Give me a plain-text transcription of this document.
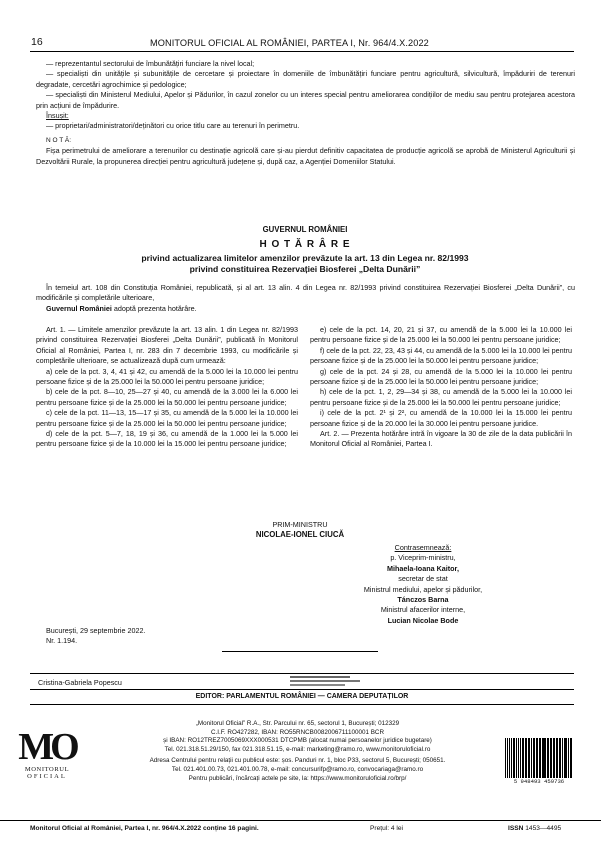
16	MONITORUL OFICIAL AL ROMÂNIEI, PARTEA I, Nr. 964/4.X.2022
— reprezentantul sectorului de îmbunătățiri funciare la nivel local;
— specialiști din unitățile și subunitățile de cercetare și proiectare în domeniile de îmbunătățiri funciare pentru agricultură, silvicultură, împăduriri de terenuri degradate, cercetări agrochimice și pedologice;
— specialiști din Ministerul Mediului, Apelor și Pădurilor, în cazul zonelor cu un interes special pentru ameliorarea condițiilor de mediu sau pentru protejarea acestora prin acțiuni de împădurire.
Însușit:
— proprietari/administratori/deținători cu orice titlu care au terenuri în perimetru.
N O T Ă:
Fișa perimetrului de ameliorare a terenurilor cu destinație agricolă care și-au pierdut definitiv capacitatea de producție agricolă se aprobă de Ministerul Agriculturii și Dezvoltării Rurale, la propunerea direcției pentru agricultură județene și, după caz, a Agenției Domeniilor Statului.
GUVERNUL ROMÂNIEI
H O T Ă R Â R E
privind actualizarea limitelor amenzilor prevăzute la art. 13 din Legea nr. 82/1993
privind constituirea Rezervației Biosferei „Delta Dunării”
În temeiul art. 108 din Constituția României, republicată, și al art. 13 alin. 4 din Legea nr. 82/1993 privind constituirea Rezervației Biosferei „Delta Dunării”, cu modificările și completările ulterioare,
Guvernul României adoptă prezenta hotărâre.
Art. 1. — Limitele amenzilor prevăzute la art. 13 alin. 1 din Legea nr. 82/1993 privind constituirea Rezervației Biosferei „Delta Dunării”, publicată în Monitorul Oficial al României, Partea I, nr. 283 din 7 decembrie 1993, cu modificările și completările ulterioare, se actualizează după cum urmează:
a) cele de la pct. 3, 4, 41 și 42, cu amendă de la 5.000 lei la 10.000 lei pentru persoane fizice și de la 25.000 lei la 50.000 lei pentru persoane juridice;
b) cele de la pct. 8—10, 25—27 și 40, cu amendă de la 3.000 lei la 6.000 lei pentru persoane fizice și de la 25.000 lei la 50.000 lei pentru persoane juridice;
c) cele de la pct. 11—13, 15—17 și 35, cu amendă de la 5.000 lei la 10.000 lei pentru persoane fizice și de la 25.000 lei la 50.000 lei pentru persoane juridice;
d) cele de la pct. 5—7, 18, 19 și 36, cu amendă de la 1.000 lei la 5.000 lei pentru persoane fizice și de la 10.000 lei la 15.000 lei pentru persoane juridice;
e) cele de la pct. 14, 20, 21 și 37, cu amendă de la 5.000 lei la 10.000 lei pentru persoane fizice și de la 25.000 lei la 50.000 lei pentru persoane juridice;
f) cele de la pct. 22, 23, 43 și 44, cu amendă de la 5.000 lei la 10.000 lei pentru persoane fizice și de la 25.000 lei la 50.000 lei pentru persoane juridice;
g) cele de la pct. 24 și 28, cu amendă de la 5.000 lei la 10.000 lei pentru persoane fizice și de la 25.000 lei la 50.000 lei pentru persoane juridice;
h) cele de la pct. 1, 2, 29—34 și 38, cu amendă de la 5.000 lei la 10.000 lei pentru persoane fizice și de la 25.000 lei la 50.000 lei pentru persoane juridice;
i) cele de la pct. 2¹ și 2², cu amendă de la 10.000 lei la 15.000 lei pentru persoane fizice și de la 20.000 lei la 30.000 lei pentru persoane juridice.
Art. 2. — Prezenta hotărâre intră în vigoare la 30 de zile de la data publicării în Monitorul Oficial al României, Partea I.
PRIM-MINISTRU
NICOLAE-IONEL CIUCĂ
Contrasemnează:
p. Viceprim-ministru,
Mihaela-Ioana Kaitor,
secretar de stat
Ministrul mediului, apelor și pădurilor,
Tánczos Barna
Ministrul afacerilor interne,
Lucian Nicolae Bode
București, 29 septembrie 2022.
Nr. 1.194.
Cristina-Gabriela Popescu
EDITOR: PARLAMENTUL ROMÂNIEI — CAMERA DEPUTAȚILOR
MO
MONITORUL
OFICIAL
„Monitorul Oficial” R.A., Str. Parcului nr. 65, sectorul 1, București; 012329
C.I.F. RO427282, IBAN: RO55RNCB0082006711100001 BCR
și IBAN: RO12TREZ7005069XXX000531 DTCPMB (alocat numai persoanelor juridice bugetare)
Tel. 021.318.51.29/150, fax 021.318.51.15, e-mail: marketing@ramo.ro, www.monitoruloficial.ro
Adresa Centrului pentru relații cu publicul este: șos. Panduri nr. 1, bloc P33, sectorul 5, București; 050651.
Tel. 021.401.00.73, 021.401.00.78, e-mail: concursurifp@ramo.ro, convocariaga@ramo.ro
Pentru publicări, încărcați actele pe site, la: https://www.monitoruloficial.ro/brp/	5 948493 459736
Monitorul Oficial al României, Partea I, nr. 964/4.X.2022 conține 16 pagini.	Prețul: 4 lei	ISSN 1453—4495
